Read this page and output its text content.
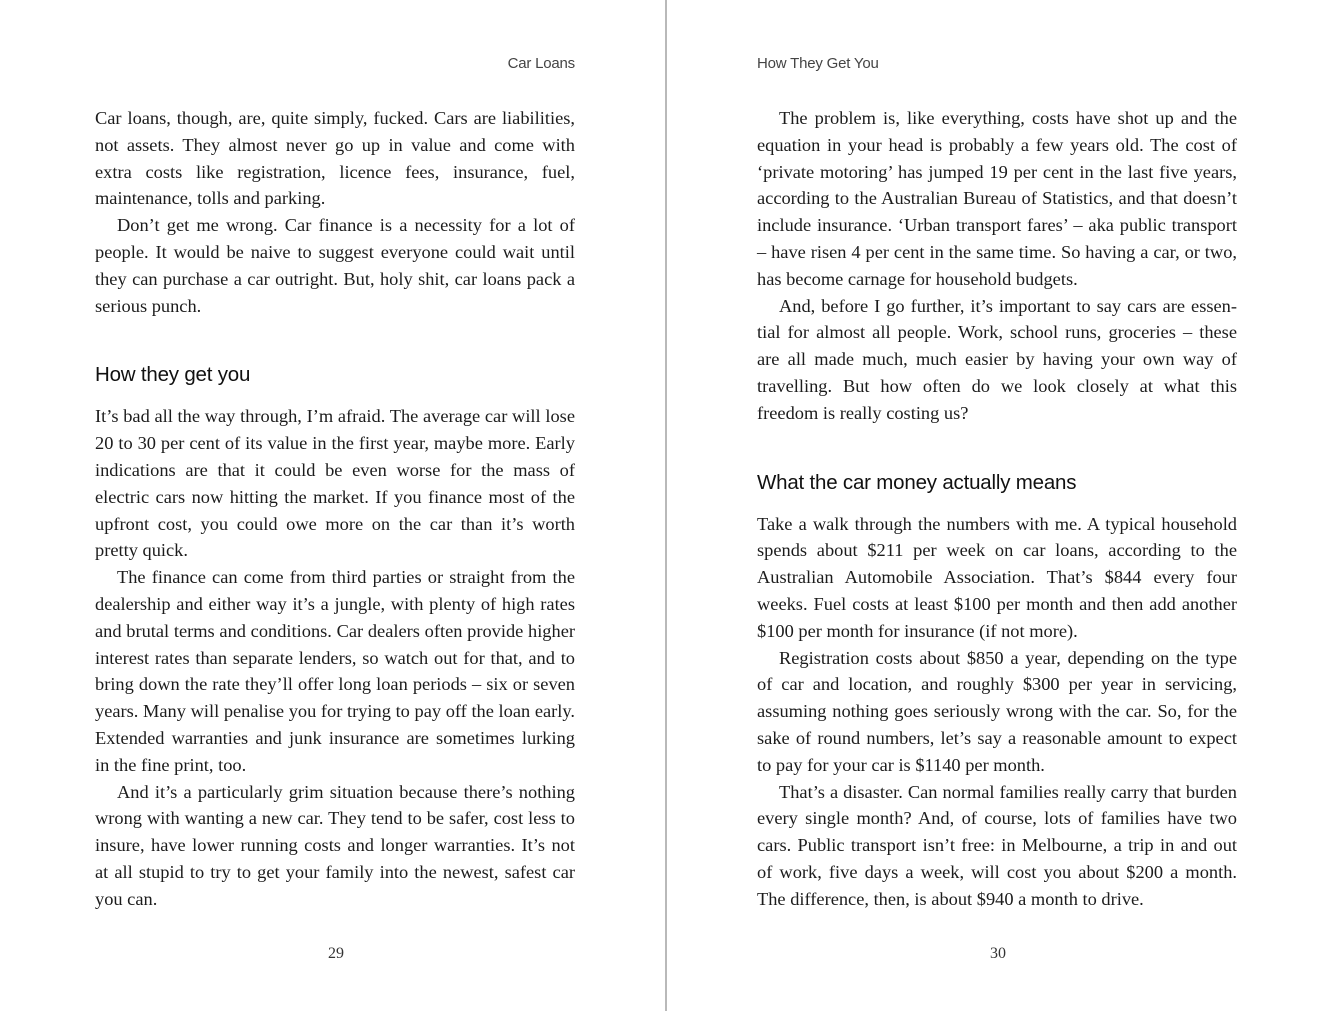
Car Loans

Car loans, though, are, quite simply, fucked. Cars are liabilities, not assets. They almost never go up in value and come with extra costs like registration, licence fees, insurance, fuel, maintenance, tolls and parking.

Don’t get me wrong. Car finance is a necessity for a lot of people. It would be naive to suggest everyone could wait until they can purchase a car outright. But, holy shit, car loans pack a serious punch.

How they get you

It’s bad all the way through, I’m afraid. The average car will lose 20 to 30 per cent of its value in the first year, maybe more. Early indications are that it could be even worse for the mass of electric cars now hitting the market. If you finance most of the upfront cost, you could owe more on the car than it’s worth pretty quick.

The finance can come from third parties or straight from the dealership and either way it’s a jungle, with plenty of high rates and brutal terms and conditions. Car dealers often provide higher interest rates than separate lenders, so watch out for that, and to bring down the rate they’ll offer long loan periods – six or seven years. Many will penalise you for trying to pay off the loan early. Extended warranties and junk insurance are sometimes lurking in the fine print, too.

And it’s a particularly grim situation because there’s nothing wrong with wanting a new car. They tend to be safer, cost less to insure, have lower running costs and longer warranties. It’s not at all stupid to try to get your family into the newest, safest car you can.

29
How They Get You

The problem is, like everything, costs have shot up and the equation in your head is probably a few years old. The cost of ‘private motoring’ has jumped 19 per cent in the last five years, according to the Australian Bureau of Statistics, and that doesn’t include insurance. ‘Urban transport fares’ – aka public transport – have risen 4 per cent in the same time. So having a car, or two, has become carnage for household budgets.

And, before I go further, it’s important to say cars are essential for almost all people. Work, school runs, groceries – these are all made much, much easier by having your own way of travelling. But how often do we look closely at what this freedom is really costing us?

What the car money actually means

Take a walk through the numbers with me. A typical household spends about $211 per week on car loans, according to the Australian Automobile Association. That’s $844 every four weeks. Fuel costs at least $100 per month and then add another $100 per month for insurance (if not more).

Registration costs about $850 a year, depending on the type of car and location, and roughly $300 per year in servicing, assuming nothing goes seriously wrong with the car. So, for the sake of round numbers, let’s say a reasonable amount to expect to pay for your car is $1140 per month.

That’s a disaster. Can normal families really carry that burden every single month? And, of course, lots of families have two cars. Public transport isn’t free: in Melbourne, a trip in and out of work, five days a week, will cost you about $200 a month. The difference, then, is about $940 a month to drive.

30
